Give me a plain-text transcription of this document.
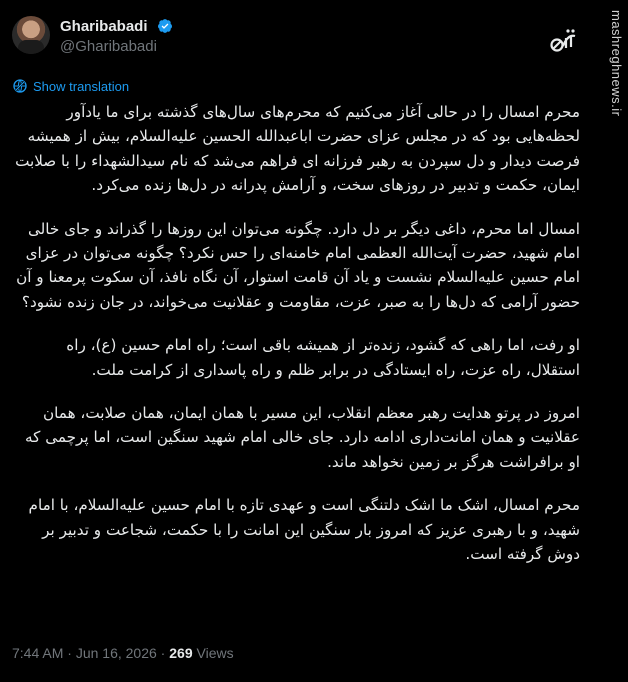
Gharibabadi
@Gharibabadi	mashreghnews.ir
Show translation

محرم امسال را در حالی آغاز می‌کنیم که محرم‌های سال‌های گذشته برای ما یادآور لحظه‌هایی بود که در مجلس عزای حضرت اباعبدالله الحسین علیه‌السلام، بیش از همیشه فرصت دیدار و دل سپردن به رهبر فرزانه ای فراهم می‌شد که نام سیدالشهداء را با صلابت ایمان، حکمت و تدبیر در روزهای سخت، و آرامش پدرانه در دل‌ها زنده می‌کرد.

امسال اما محرم، داغی دیگر بر دل دارد. چگونه می‌توان این روزها را گذراند و جای خالی امام شهید، حضرت آیت‌الله العظمی امام خامنه‌ای را حس نکرد؟ چگونه می‌توان در عزای امام حسین علیه‌السلام نشست و یاد آن قامت استوار، آن نگاه نافذ، آن سکوت پرمعنا و آن حضور آرامی که دل‌ها را به صبر، عزت، مقاومت و عقلانیت می‌خواند، در جان زنده نشود؟

او رفت، اما راهی که گشود، زنده‌تر از همیشه باقی است؛ راه امام حسین (ع)، راه استقلال، راه عزت، راه ایستادگی در برابر ظلم و راه پاسداری از کرامت ملت.

امروز در پرتو هدایت رهبر معظم انقلاب، این مسیر با همان ایمان، همان صلابت، همان عقلانیت و همان امانت‌داری ادامه دارد. جای خالی امام شهید سنگین است، اما پرچمی که او برافراشت هرگز بر زمین نخواهد ماند.

محرم امسال، اشک ما اشک دلتنگی است و عهدی تازه با امام حسین علیه‌السلام، با امام شهید، و با رهبری عزیز که امروز بار سنگین این امانت را با حکمت، شجاعت و تدبیر بر دوش گرفته است.

7:44 AM · Jun 16, 2026 · 269 Views
